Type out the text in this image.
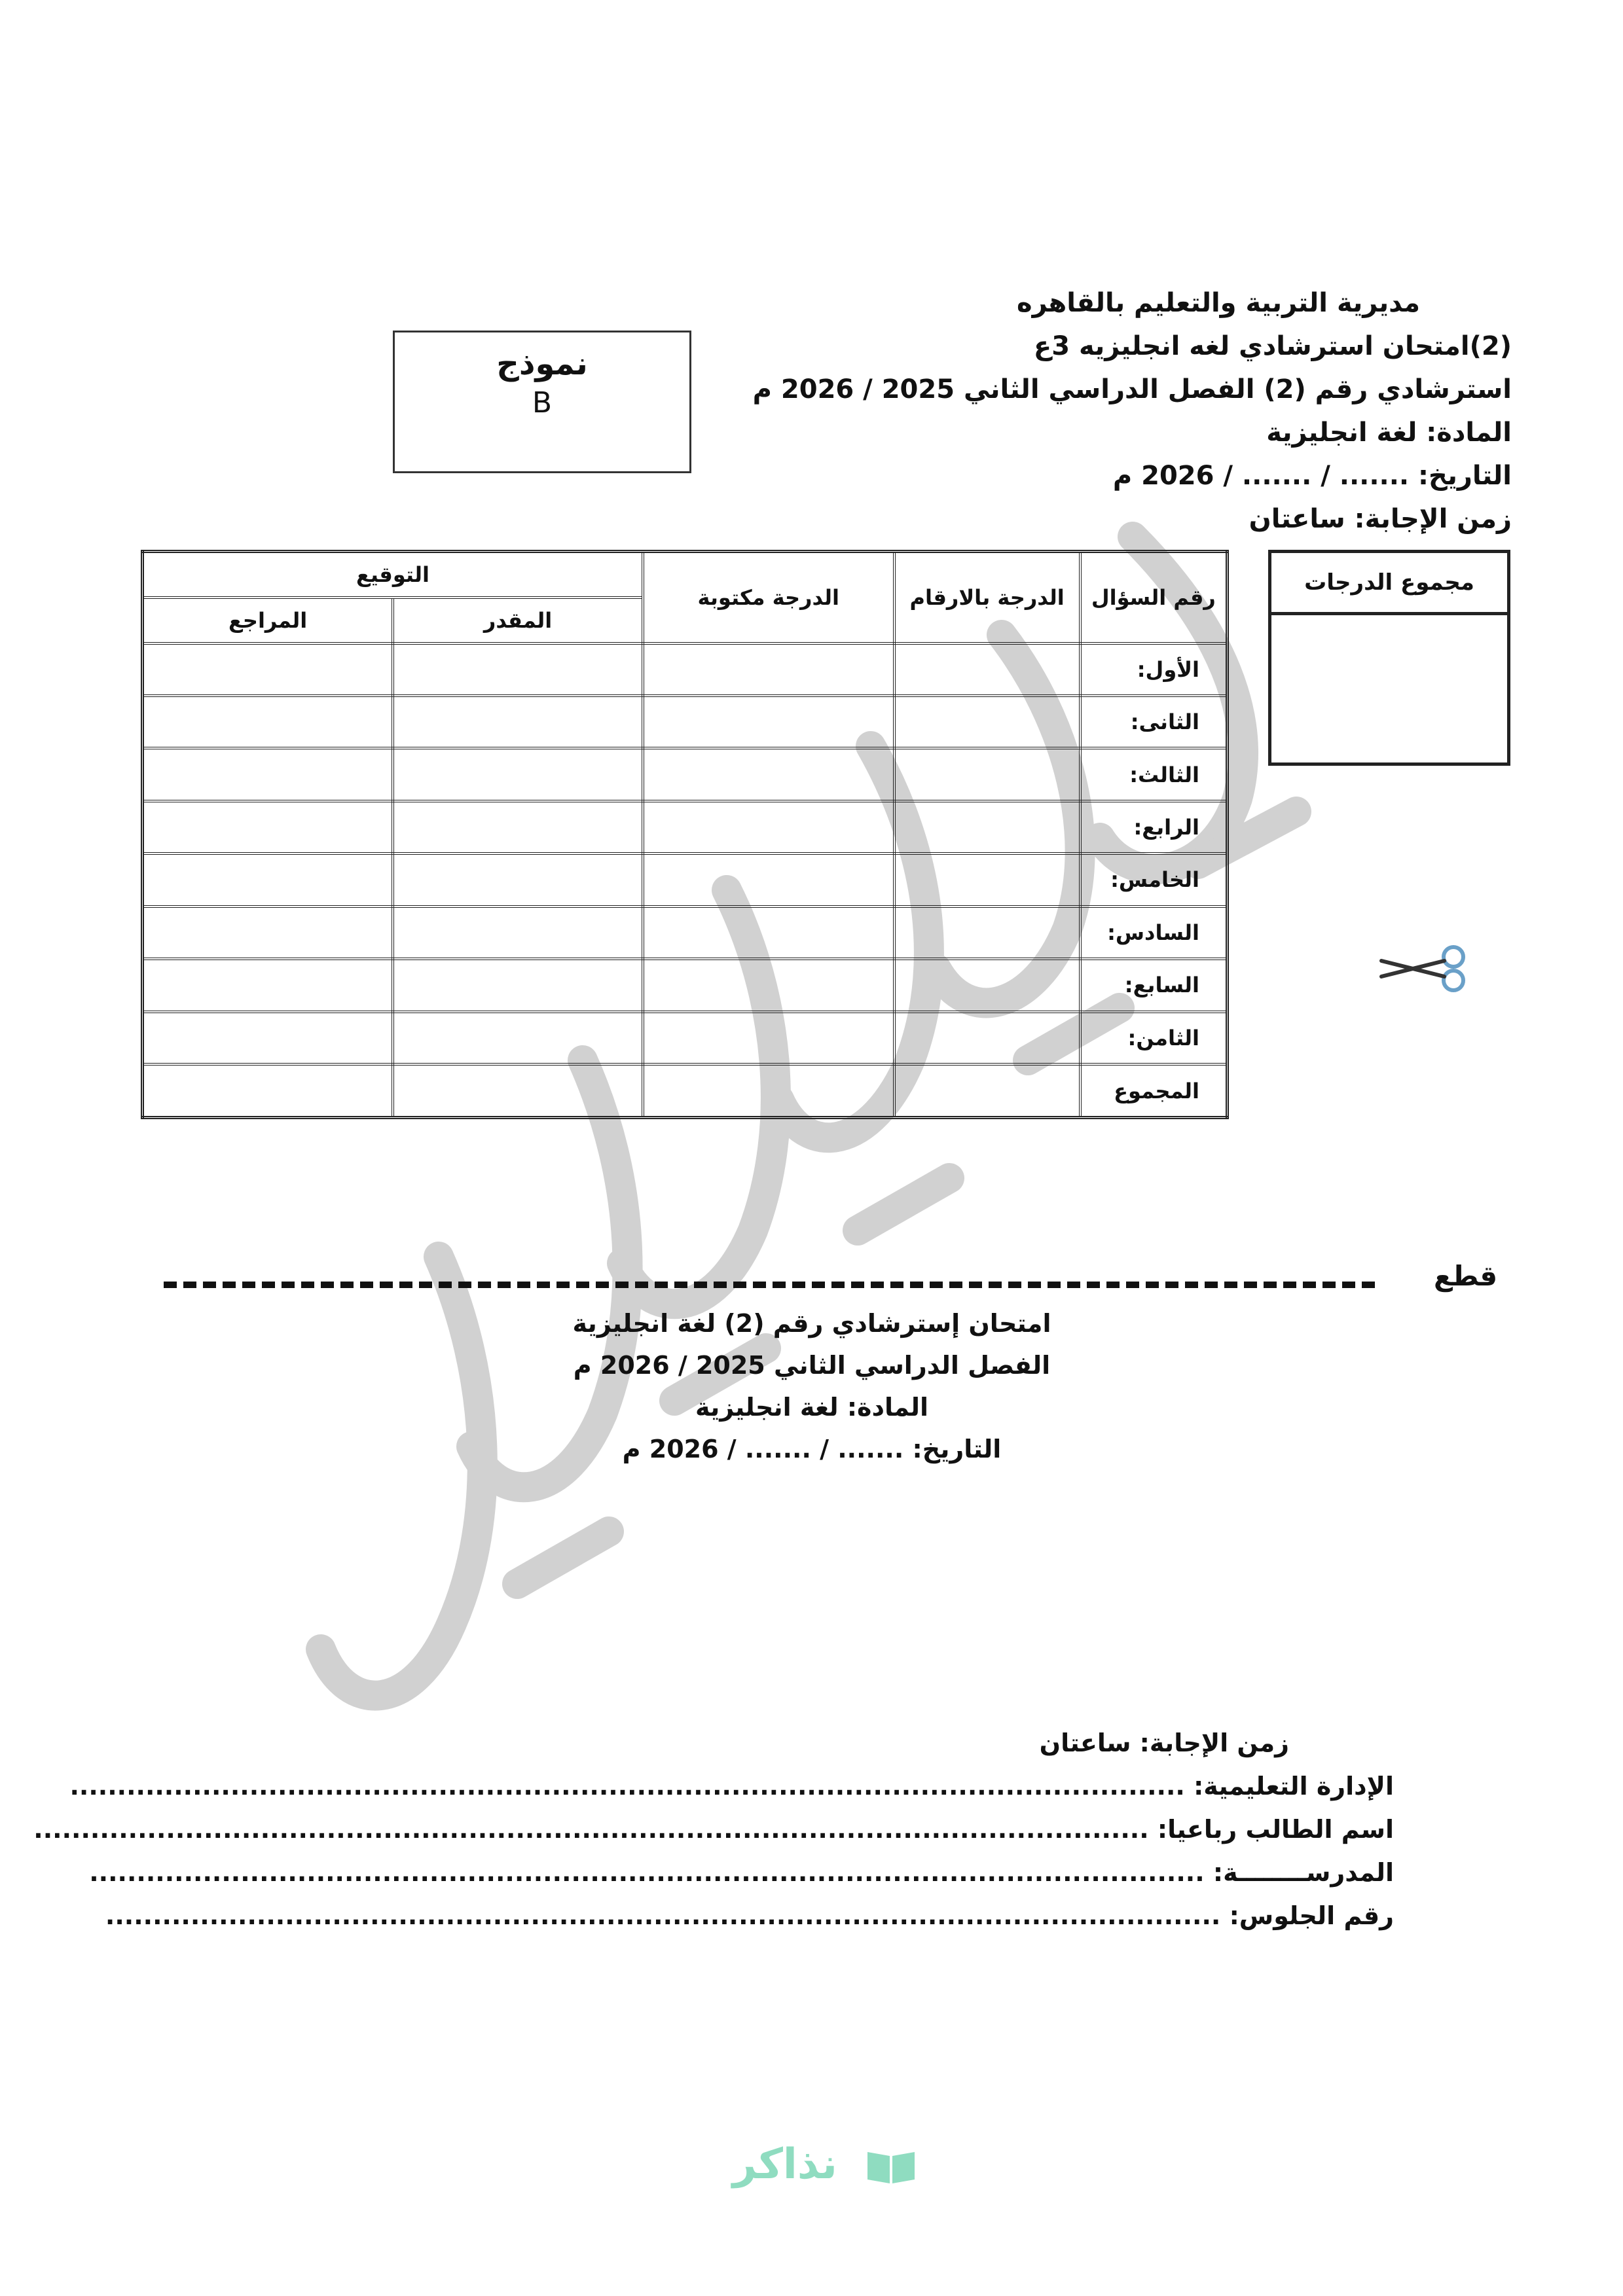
مديرية التربية والتعليم بالقاهره
(2)امتحان استرشادي لغه انجليزيه 3ع
استرشادي رقم (2) الفصل الدراسي الثاني 2025 / 2026 م
المادة: لغة انجليزية
التاريخ: ....... / ....... / 2026 م
زمن الإجابة: ساعتان
نموذج
B
رقم السؤال	الدرجة بالارقام	الدرجة مكتوبة	التوقيع	
			المقدر	المراجع
الأول:				
الثانى:				
الثالث:				
الرابع:				
الخامس:				
السادس:				
السابع:				
الثامن:				
المجموع				
مجموع الدرجات
قطع
امتحان إسترشادي رقم (2) لغة انجليزية
الفصل الدراسي الثاني 2025 / 2026 م
المادة: لغة انجليزية
التاريخ: ....... / ....... / 2026 م
زمن الإجابة: ساعتان
الإدارة التعليمية: ......................................................................................................................
اسم الطالب رباعيا: ......................................................................................................................
المدرســــــــة: ......................................................................................................................
رقم الجلوس: ......................................................................................................................
نذاكر
